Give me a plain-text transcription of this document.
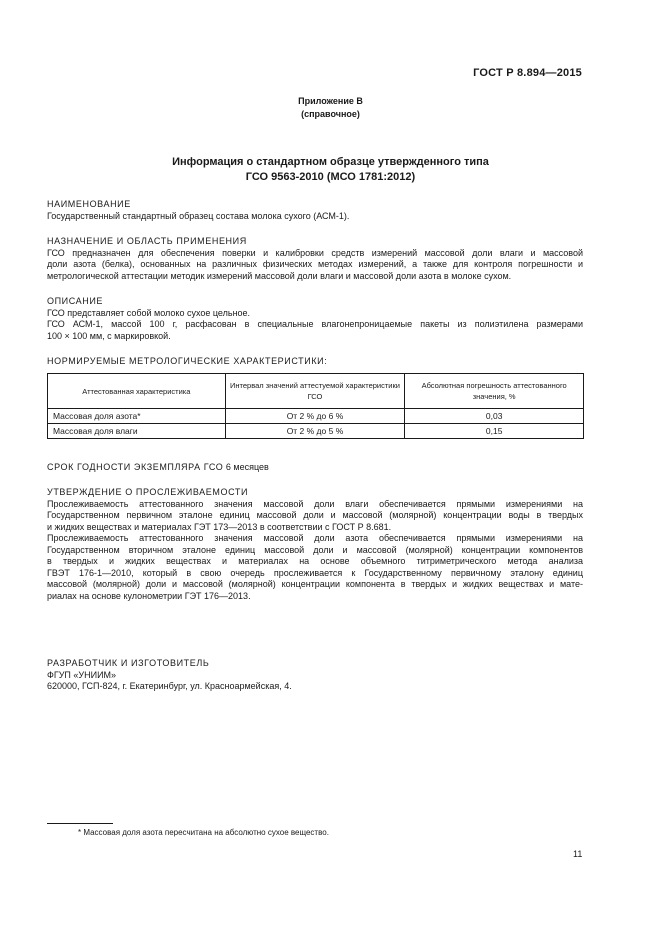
ГОСТ Р 8.894—2015
Приложение В
(справочное)
Информация о стандартном образце утвержденного типа
ГСО 9563-2010 (МСО 1781:2012)
НАИМЕНОВАНИЕ
Государственный стандартный образец состава молока сухого (АСМ-1).
НАЗНАЧЕНИЕ И ОБЛАСТЬ ПРИМЕНЕНИЯ
ГСО предназначен для обеспечения поверки и калибровки средств измерений массовой доли влаги и массовой
доли азота (белка), основанных на различных физических методах измерений, а также для контроля погрешности и
метрологической аттестации методик измерений массовой доли влаги и массовой доли азота в молоке сухом.
ОПИСАНИЕ
ГСО представляет собой молоко сухое цельное.
ГСО АСМ-1, массой 100 г, расфасован в специальные влагонепроницаемые пакеты из полиэтилена размерами
100 × 100 мм, с маркировкой.
НОРМИРУЕМЫЕ МЕТРОЛОГИЧЕСКИЕ ХАРАКТЕРИСТИКИ:
Аттестованная характеристика	Интервал значений аттестуемой характеристики ГСО	Абсолютная погрешность аттестованного значения, %
Массовая доля азота*	От 2 % до 6 %	0,03
Массовая доля влаги	От 2 % до 5 %	0,15
СРОК ГОДНОСТИ ЭКЗЕМПЛЯРА ГСО 6 месяцев
УТВЕРЖДЕНИЕ О ПРОСЛЕЖИВАЕМОСТИ
Прослеживаемость аттестованного значения массовой доли влаги обеспечивается прямыми измерениями на
Государственном первичном эталоне единиц массовой доли и массовой (молярной) концентрации воды в твердых
и жидких веществах и материалах ГЭТ 173—2013 в соответствии с ГОСТ Р 8.681.
Прослеживаемость аттестованного значения массовой доли азота обеспечивается прямыми измерениями на
Государственном вторичном эталоне единиц массовой доли и массовой (молярной) концентрации компонентов
в твердых и жидких веществах и материалах на основе объемного титриметрического метода анализа
ГВЭТ 176-1—2010, который в свою очередь прослеживается к Государственному первичному эталону единиц
массовой (молярной) доли и массовой (молярной) концентрации компонента в твердых и жидких веществах и мате-
риалах на основе кулонометрии ГЭТ 176—2013.
РАЗРАБОТЧИК И ИЗГОТОВИТЕЛЬ
ФГУП «УНИИМ»
620000, ГСП-824, г. Екатеринбург, ул. Красноармейская, 4.
* Массовая доля азота пересчитана на абсолютно сухое вещество.
11
